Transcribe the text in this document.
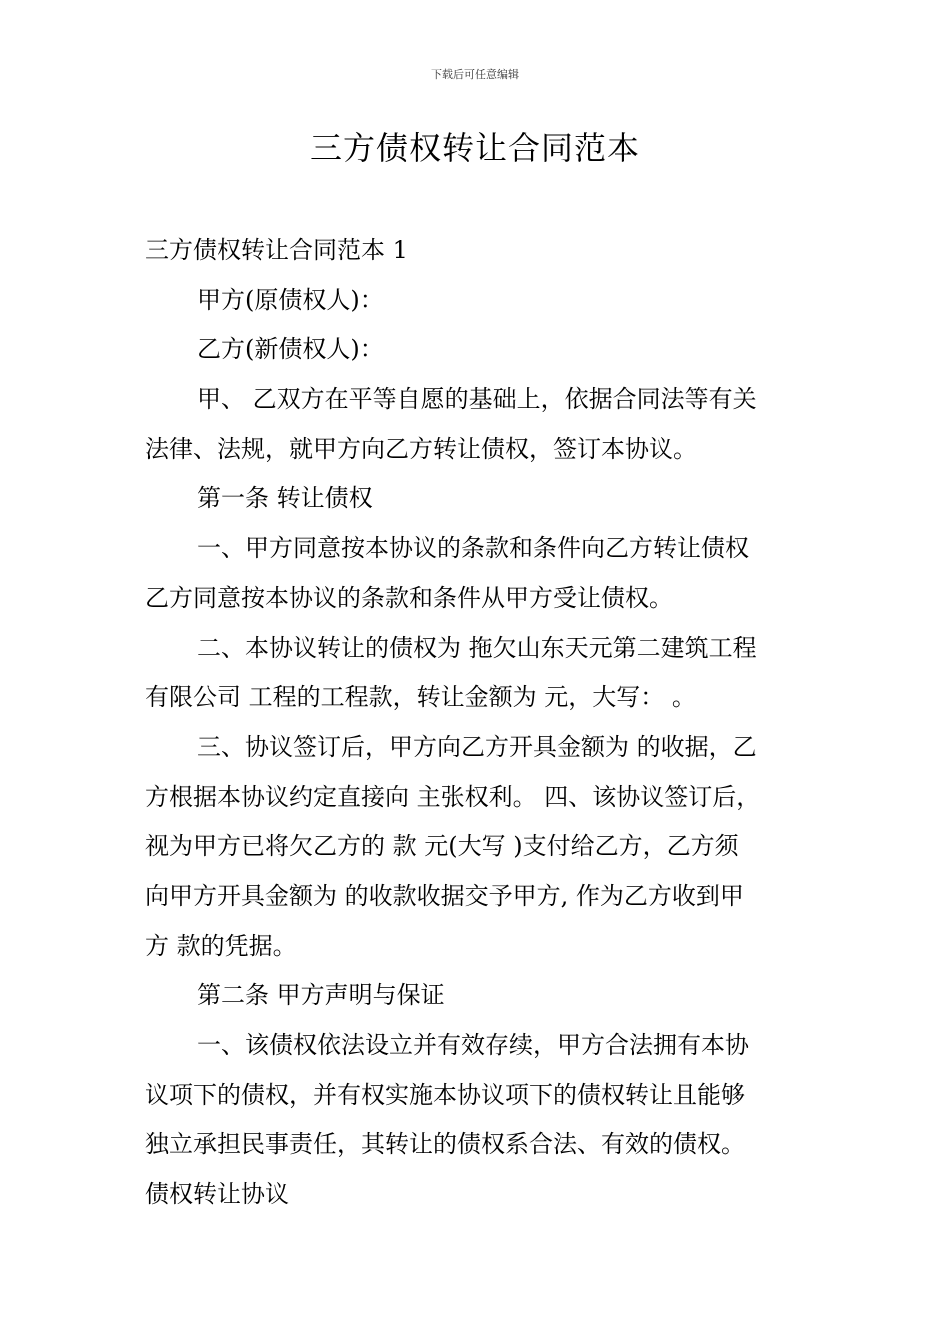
下载后可任意编辑
三方债权转让合同范本
三方债权转让合同范本 1
甲方(原债权人)：
乙方(新债权人)：
甲、 乙双方在平等自愿的基础上，依据合同法等有关
法律、法规，就甲方向乙方转让债权，签订本协议。
第一条 转让债权
一、甲方同意按本协议的条款和条件向乙方转让债权
乙方同意按本协议的条款和条件从甲方受让债权。
二、本协议转让的债权为 拖欠山东天元第二建筑工程
有限公司 工程的工程款，转让金额为 元，大写： 。
三、协议签订后，甲方向乙方开具金额为 的收据，乙
方根据本协议约定直接向 主张权利。 四、该协议签订后，
视为甲方已将欠乙方的 款 元(大写 )支付给乙方，乙方须
向甲方开具金额为 的收款收据交予甲方, 作为乙方收到甲
方 款的凭据。
第二条 甲方声明与保证
一、该债权依法设立并有效存续，甲方合法拥有本协
议项下的债权，并有权实施本协议项下的债权转让且能够
独立承担民事责任，其转让的债权系合法、有效的债权。
债权转让协议
